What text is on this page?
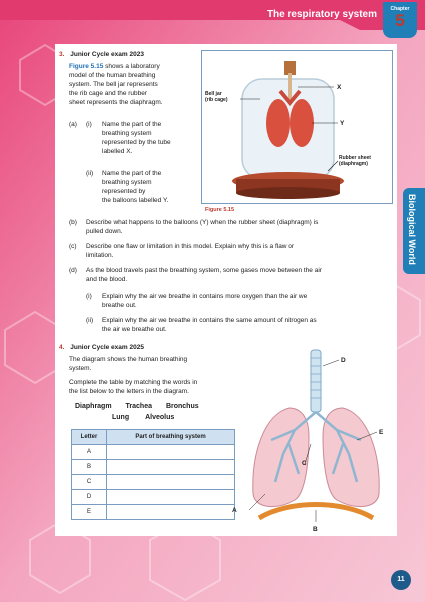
The respiratory system	Chapter
5
Biological World
3. Junior Cycle exam 2023
Figure 5.15 shows a laboratory
model of the human breathing
system. The bell jar represents
the rib cage and the rubber
sheet represents the diaphragm.
(a) (i) Name the part of the
breathing system
represented by the tube
labelled X.
(ii) Name the part of the
breathing system
represented by
the balloons labelled Y.
Bell jar
(rib cage)
X
Y
Rubber sheet
(diaphragm)
Figure 5.15
(b) Describe what happens to the balloons (Y) when the rubber sheet (diaphragm) is
pulled down.
(c) Describe one flaw or limitation in this model. Explain why this is a flaw or
limitation.
(d) As the blood travels past the breathing system, some gases move between the air
and the blood.
(i) Explain why the air we breathe in contains more oxygen than the air we
breathe out.
(ii) Explain why the air we breathe in contains the same amount of nitrogen as
the air we breathe out.
4. Junior Cycle exam 2025
The diagram shows the human breathing
system.
Complete the table by matching the words in
the list below to the letters in the diagram.
Diaphragm Trachea Bronchus
Lung Alveolus
Letter	Part of breathing system
A	
B	
C	
D	
E		A
B
C
D
E
11
